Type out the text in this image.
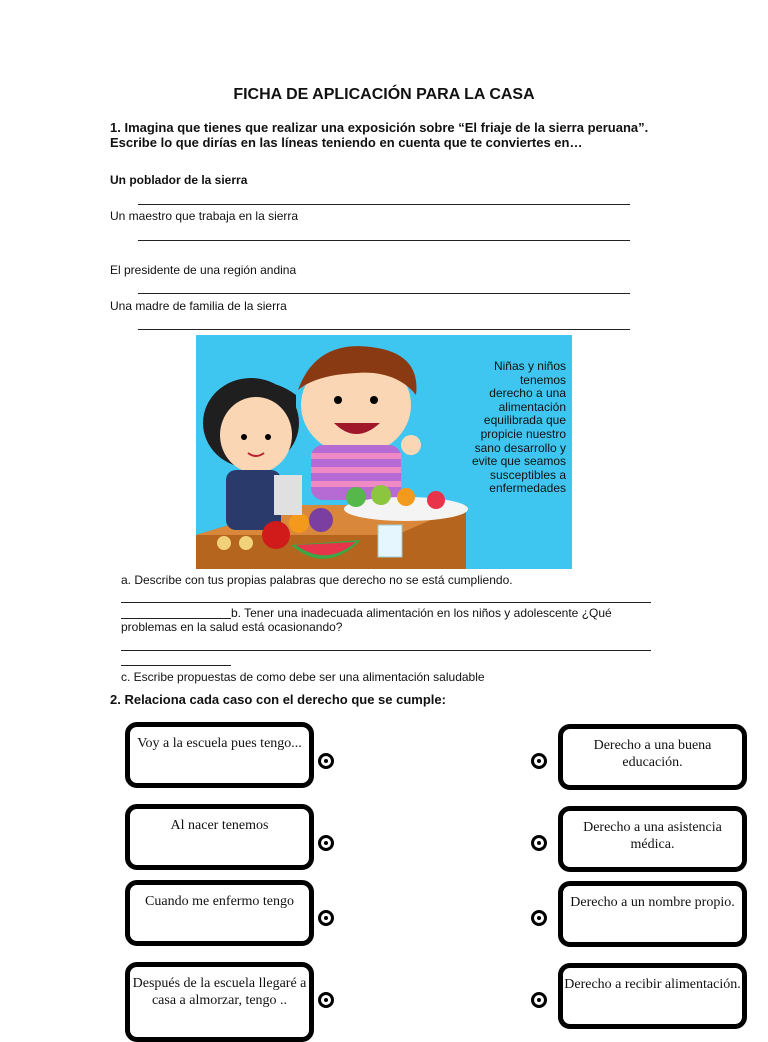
FICHA DE APLICACIÓN PARA LA CASA
1. Imagina que tienes que realizar una exposición sobre “El friaje de la sierra peruana”. Escribe lo que dirías en las líneas teniendo en cuenta que te conviertes en…
Un poblador de la sierra
Un maestro que trabaja en la sierra
El presidente de una región andina
Una madre de familia de la sierra
Niñas y niños
tenemos
derecho a una
alimentación
equilibrada que
propicie nuestro
sano desarrollo y
evite que seamos
susceptibles a
enfermedades
a. Describe con tus propias palabras que derecho no se está cumpliendo.
b. Tener una inadecuada alimentación en los niños y adolescente ¿Qué
problemas en la salud está ocasionando?
c. Escribe propuestas de como debe ser una alimentación saludable
2. Relaciona cada caso con el derecho que se cumple:
Voy a la escuela pues tengo...
Al nacer tenemos
Cuando me enfermo tengo
Después de la escuela llegaré a casa a almorzar, tengo ..
Derecho a una buena educación.
Derecho a una asistencia médica.
Derecho a un nombre propio.
Derecho a recibir alimentación.
